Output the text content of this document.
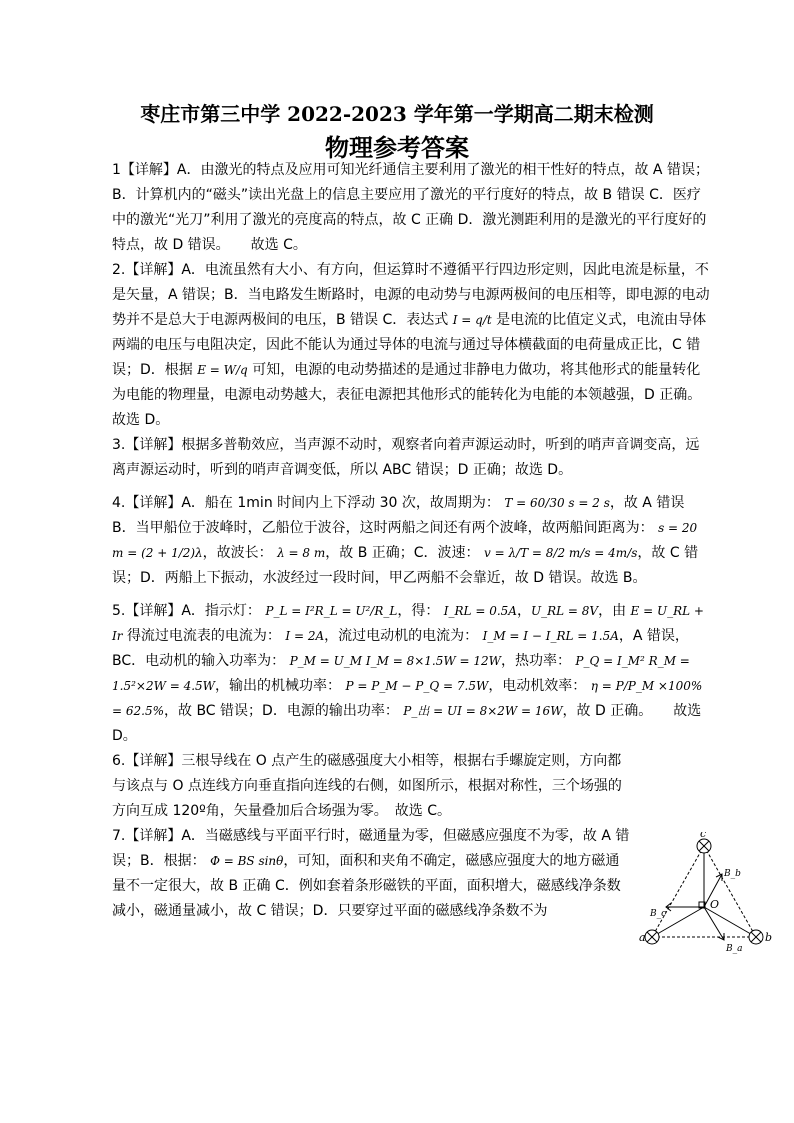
枣庄市第三中学 2022-2023 学年第一学期高二期末检测
物理参考答案

1【详解】A．由激光的特点及应用可知光纤通信主要利用了激光的相干性好的特点，故 A 错误；B．计算机内的“磁头”读出光盘上的信息主要应用了激光的平行度好的特点，故 B 错误 C．医疗中的激光“光刀”利用了激光的亮度高的特点，故 C 正确 D．激光测距利用的是激光的平行度好的特点，故 D 错误。　　故选 C。

2.【详解】A．电流虽然有大小、有方向，但运算时不遵循平行四边形定则，因此电流是标量，不是矢量，A 错误；B．当电路发生断路时，电源的电动势与电源两极间的电压相等，即电源的电动势并不是总大于电源两极间的电压，B 错误 C．表达式 I = q/t 是电流的比值定义式，电流由导体两端的电压与电阻决定，因此不能认为通过导体的电流与通过导体横截面的电荷量成正比，C 错误；D．根据 E = W/q 可知，电源的电动势描述的是通过非静电力做功，将其他形式的能量转化为电能的物理量，电源电动势越大，表征电源把其他形式的能转化为电能的本领越强，D 正确。　　　故选 D。

3.【详解】根据多普勒效应，当声源不动时，观察者向着声源运动时，听到的哨声音调变高，远离声源运动时，听到的哨声音调变低，所以 ABC 错误；D 正确；故选 D。

4.【详解】A．船在 1min 时间内上下浮动 30 次，故周期为： T = 60/30 s = 2 s，故 A 错误 B．当甲船位于波峰时，乙船位于波谷，这时两船之间还有两个波峰，故两船间距离为： s = 20 m = (2 + 1/2)λ，故波长： λ = 8 m，故 B 正确；C．波速： v = λ/T = 8/2 m/s = 4m/s，故 C 错误；D．两船上下振动，水波经过一段时间，甲乙两船不会靠近，故 D 错误。故选 B。

5.【详解】A．指示灯： P_L = I²R_L = U²/R_L，得： I_RL = 0.5A，U_RL = 8V，由 E = U_RL + Ir 得流过电流表的电流为： I = 2A，流过电动机的电流为： I_M = I − I_RL = 1.5A，A 错误，BC．电动机的输入功率为： P_M = U_M I_M = 8×1.5W = 12W，热功率： P_Q = I_M² R_M = 1.5²×2W = 4.5W，输出的机械功率： P = P_M − P_Q = 7.5W，电动机效率： η = P/P_M ×100% = 62.5%，故 BC 错误；D．电源的输出功率： P_出 = UI = 8×2W = 16W，故 D 正确。　　故选 D。

6.【详解】三根导线在 O 点产生的磁感强度大小相等，根据右手螺旋定则，方向都与该点与 O 点连线方向垂直指向连线的右侧，如图所示，根据对称性，三个场强的方向互成 120º角，矢量叠加后合场强为零。　故选 C。

7.【详解】A．当磁感线与平面平行时，磁通量为零，但磁感应强度不为零，故 A 错误；B．根据： Φ = BS sinθ，可知，面积和夹角不确定，磁感应强度大的地方磁通量不一定很大，故 B 正确 C．例如套着条形磁铁的平面，面积增大，磁感线净条数减小，磁通量减小，故 C 错误；D．只要穿过平面的磁感线净条数不为

c
a	b
O
B_b
B_c
B_a
